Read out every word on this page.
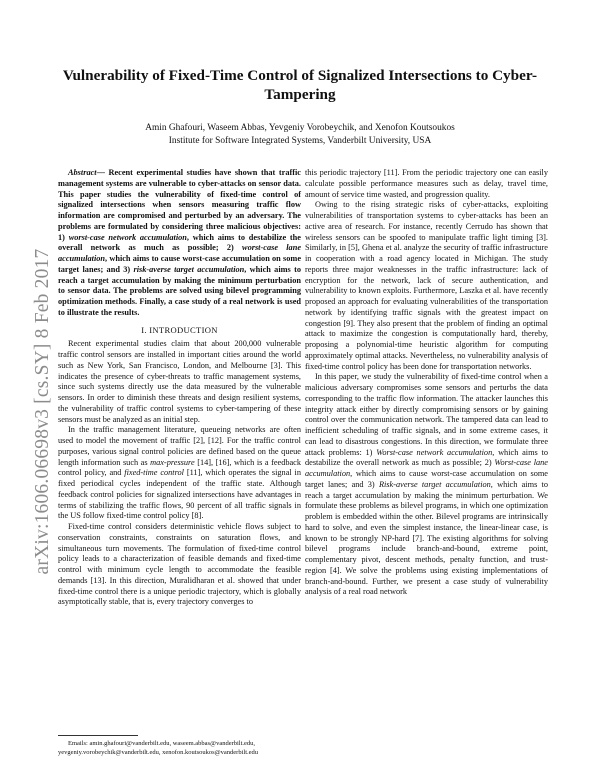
Vulnerability of Fixed-Time Control of Signalized Intersections to Cyber-Tampering
Amin Ghafouri, Waseem Abbas, Yevgeniy Vorobeychik, and Xenofon Koutsoukos
Institute for Software Integrated Systems, Vanderbilt University, USA
arXiv:1606.06698v3 [cs.SY] 8 Feb 2017

Abstract— Recent experimental studies have shown that traffic management systems are vulnerable to cyber-attacks on sensor data. This paper studies the vulnerability of fixed-time control of signalized intersections when sensors measuring traffic flow information are compromised and perturbed by an adversary. The problems are formulated by considering three malicious objectives: 1) worst-case network accumulation, which aims to destabilize the overall network as much as possible; 2) worst-case lane accumulation, which aims to cause worst-case accumulation on some target lanes; and 3) risk-averse target accumulation, which aims to reach a target accumulation by making the minimum perturbation to sensor data. The problems are solved using bilevel programming optimization methods. Finally, a case study of a real network is used to illustrate the results.

I. INTRODUCTION

Recent experimental studies claim that about 200,000 vulnerable traffic control sensors are installed in important cities around the world such as New York, San Francisco, London, and Melbourne [3]. This indicates the presence of cyber-threats to traffic management systems, since such systems directly use the data measured by the vulnerable sensors. In order to diminish these threats and design resilient systems, the vulnerability of traffic control systems to cyber-tampering of these sensors must be analyzed as an initial step.

In the traffic management literature, queueing networks are often used to model the movement of traffic [2], [12]. For the traffic control purposes, various signal control policies are defined based on the queue length information such as max-pressure [14], [16], which is a feedback control policy, and fixed-time control [11], which operates the signal in fixed periodical cycles independent of the traffic state. Although feedback control policies for signalized intersections have advantages in terms of stabilizing the traffic flows, 90 percent of all traffic signals in the US follow fixed-time control policy [8].

Fixed-time control considers deterministic vehicle flows subject to conservation constraints, constraints on saturation flows, and simultaneous turn movements. The formulation of fixed-time control policy leads to a characterization of feasible demands and fixed-time control with minimum cycle length to accommodate the feasible demands [13]. In this direction, Muralidharan et al. showed that under fixed-time control there is a unique periodic trajectory, which is globally asymptotically stable, that is, every trajectory converges to

Emails: amin.ghafouri@vanderbilt.edu, waseem.abbas@vanderbilt.edu, yevgeniy.vorobeychik@vanderbilt.edu, xenofon.koutsoukos@vanderbilt.edu

this periodic trajectory [11]. From the periodic trajectory one can easily calculate possible performance measures such as delay, travel time, amount of service time wasted, and progression quality.

Owing to the rising strategic risks of cyber-attacks, exploiting vulnerabilities of transportation systems to cyber-attacks has been an active area of research. For instance, recently Cerrudo has shown that wireless sensors can be spoofed to manipulate traffic light timing [3]. Similarly, in [5], Ghena et al. analyze the security of traffic infrastructure in cooperation with a road agency located in Michigan. The study reports three major weaknesses in the traffic infrastructure: lack of encryption for the network, lack of secure authentication, and vulnerability to known exploits. Furthermore, Laszka et al. have recently proposed an approach for evaluating vulnerabilities of the transportation network by identifying traffic signals with the greatest impact on congestion [9]. They also present that the problem of finding an optimal attack to maximize the congestion is computationally hard, thereby, proposing a polynomial-time heuristic algorithm for computing approximately optimal attacks. Nevertheless, no vulnerability analysis of fixed-time control policy has been done for transportation networks.

In this paper, we study the vulnerability of fixed-time control when a malicious adversary compromises some sensors and perturbs the data corresponding to the traffic flow information. The attacker launches this integrity attack either by directly compromising sensors or by gaining control over the communication network. The tampered data can lead to inefficient scheduling of traffic signals, and in some extreme cases, it can lead to disastrous congestions. In this direction, we formulate three attack problems: 1) Worst-case network accumulation, which aims to destabilize the overall network as much as possible; 2) Worst-case lane accumulation, which aims to cause worst-case accumulation on some target lanes; and 3) Risk-averse target accumulation, which aims to reach a target accumulation by making the minimum perturbation. We formulate these problems as bilevel programs, in which one optimization problem is embedded within the other. Bilevel programs are intrinsically hard to solve, and even the simplest instance, the linear-linear case, is known to be strongly NP-hard [7]. The existing algorithms for solving bilevel programs include branch-and-bound, extreme point, complementary pivot, descent methods, penalty function, and trust-region [4]. We solve the problems using existing implementations of branch-and-bound. Further, we present a case study of vulnerability analysis of a real road network
